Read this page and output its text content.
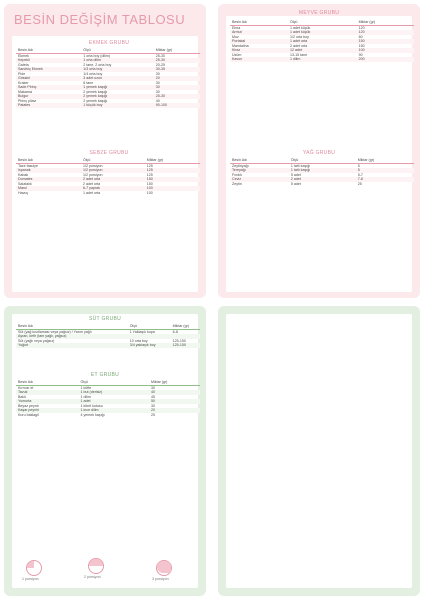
BESİN DEĞİŞİM TABLOSU
EKMEK GRUBU
Besin Adı	Ölçü	Miktar (gr)
Ekmek	1 orta boy (dilim)	25-30
Kepekli	1 orta dilim	25-30
Galeta	2 tane, 2 orta boy	20-25
Sandviç Ekmek	1/3 orta boy	30-35
Pide	1/4 orta boy	30
Grissini	3 adet uzun	20
Kraker	6 tane	30
Sade Pirinç	1 yemek kaşığı	30
Makarna	2 yemek kaşığı	30
Bulgur	2 yemek kaşığı	25-30
Pirinç pilavı	2 yemek kaşığı	40
Patates	1 küçük boy	90-100
SEBZE GRUBU
Besin Adı	Ölçü	Miktar (gr)
Taze fasulye	1/2 porsiyon	125
Ispanak	1/2 porsiyon	125
Kabak	1/2 porsiyon	125
Domates	2 adet orta	150
Salatalık	2 adet orta	150
Marul	6-7 yaprak	100
Havuç	1 adet orta	100
MEYVE GRUBU
Besin Adı	Ölçü	Miktar (gr)
Elma	1 adet küçük	120
Armut	1 adet küçük	120
Muz	1/2 orta boy	60
Portakal	1 adet orta	150
Mandalina	2 adet orta	150
Kiraz	12 adet	100
Üzüm	13-15 tane	90
Kavun	1 dilim	200
YAĞ GRUBU
Besin Adı	Ölçü	Miktar (gr)
Zeytinyağı	1 tatlı kaşığı	5
Tereyağı	1 tatlı kaşığı	5
Fındık	5 adet	5-7
Ceviz	2 adet	7-8
Zeytin	5 adet	25
SÜT GRUBU
Besin Adı	Ölçü	Miktar (gr)
Süt (yağ kısıtlaması veya yağsız) / Yarım yağlı	1 Yaklaşık kupa	6-8
Ayran, kefir (tam yağlı, yağsız)		
Süt (yağlı veya yağsız)	10 orta boy	125-150
Yoğurt	3/4 yaklaşık boy	125-150
ET GRUBU
Besin Adı	Ölçü	Miktar (gr)
Kırmızı et	1 köfte	30
Tavuk	1 but (derisiz)	40
Balık	1 dilim	45
Yumurta	1 adet	50
Beyaz peynir	1 kibrit kutusu	30
Kaşar peyniri	1 ince dilim	20
Kuru baklagil	4 yemek kaşığı	25
1 porsiyon	2 porsiyon	3 porsiyon
